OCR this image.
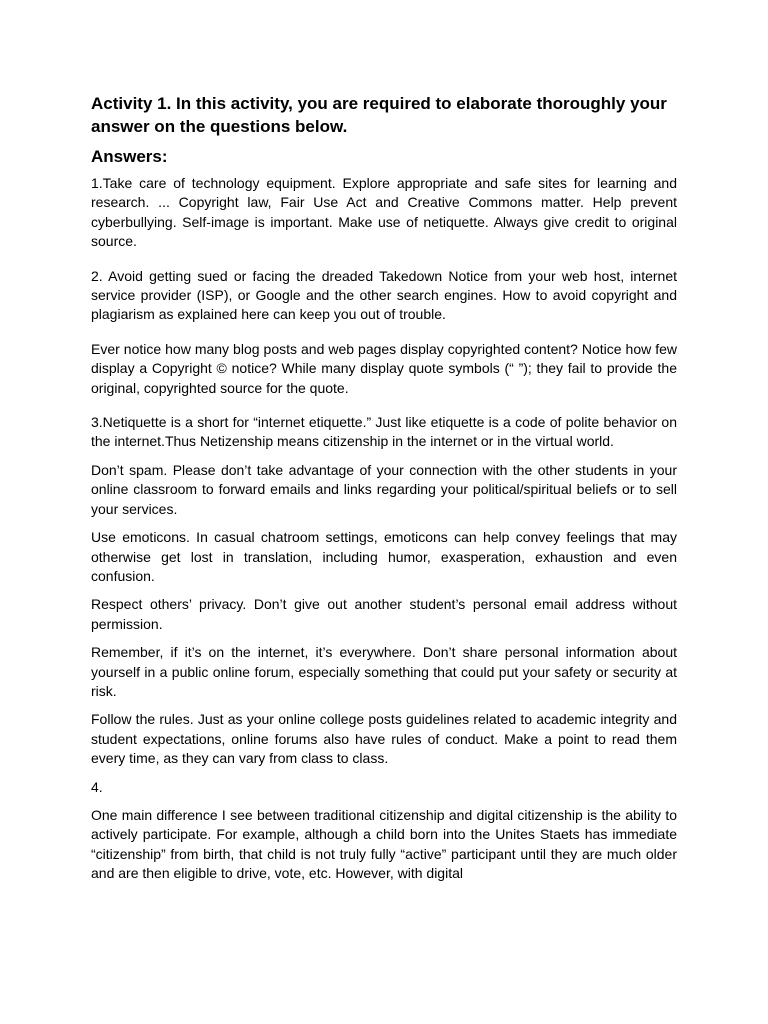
Activity 1. In this activity, you are required to elaborate thoroughly your answer on the questions below.
Answers:

1.Take care of technology equipment. Explore appropriate and safe sites for learning and research. ... Copyright law, Fair Use Act and Creative Commons matter. Help prevent cyberbullying. Self-image is important. Make use of netiquette. Always give credit to original source.

2. Avoid getting sued or facing the dreaded Takedown Notice from your web host, internet service provider (ISP), or Google and the other search engines. How to avoid copyright and plagiarism as explained here can keep you out of trouble.

Ever notice how many blog posts and web pages display copyrighted content? Notice how few display a Copyright © notice? While many display quote symbols (“ ”); they fail to provide the original, copyrighted source for the quote.

3.Netiquette is a short for “internet etiquette.” Just like etiquette is a code of polite behavior on the internet.Thus Netizenship means citizenship in the internet or in the virtual world.

Don’t spam. Please don’t take advantage of your connection with the other students in your online classroom to forward emails and links regarding your political/spiritual beliefs or to sell your services.

Use emoticons. In casual chatroom settings, emoticons can help convey feelings that may otherwise get lost in translation, including humor, exasperation, exhaustion and even confusion.

Respect others’ privacy. Don’t give out another student’s personal email address without permission.

Remember, if it’s on the internet, it’s everywhere. Don’t share personal information about yourself in a public online forum, especially something that could put your safety or security at risk.

Follow the rules. Just as your online college posts guidelines related to academic integrity and student expectations, online forums also have rules of conduct. Make a point to read them every time, as they can vary from class to class.

4.

One main difference I see between traditional citizenship and digital citizenship is the ability to actively participate. For example, although a child born into the Unites Staets has immediate “citizenship” from birth, that child is not truly fully “active” participant until they are much older and are then eligible to drive, vote, etc. However, with digital
